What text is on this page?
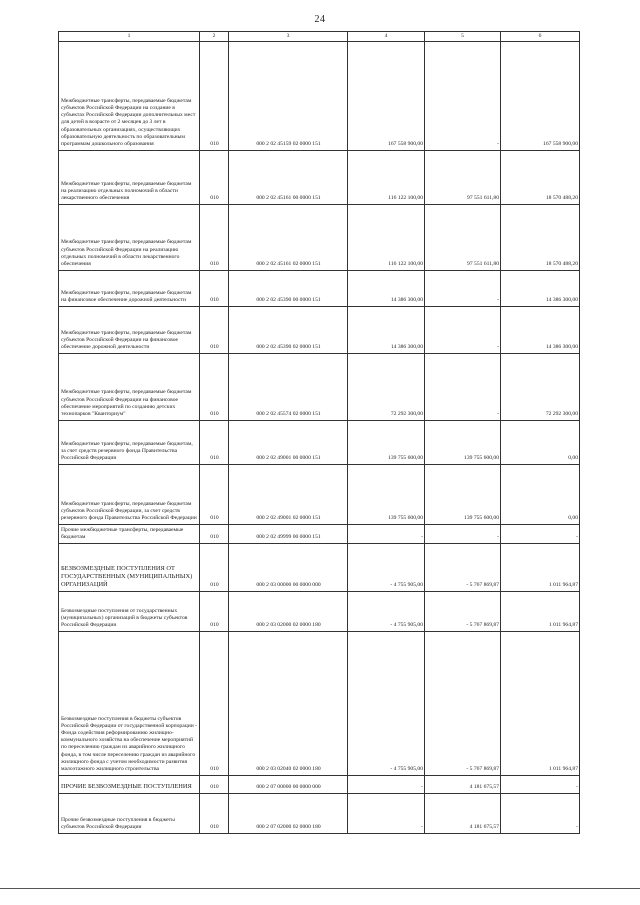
24
1	2	3	4	5	6
Межбюджетные трансферты, передаваемые бюджетам субъектов Российской Федерации на создание в субъектах Российской Федерации дополнительных мест для детей в возрасте от 2 месяцев до 3 лет в образовательных организациях, осуществляющих образовательную деятельность по образовательным программам дошкольного образования	010	000 2 02 45159 02 0000 151	167 558 900,00	-	167 558 900,00
Межбюджетные трансферты, передаваемые бюджетам на реализацию отдельных полномочий в области лекарственного обеспечения	010	000 2 02 45161 00 0000 151	116 122 100,00	97 551 611,80	18 570 488,20
Межбюджетные трансферты, передаваемые бюджетам субъектов Российской Федерации на реализацию отдельных полномочий в области лекарственного обеспечения	010	000 2 02 45161 02 0000 151	116 122 100,00	97 551 611,80	18 570 488,20
Межбюджетные трансферты, передаваемые бюджетам на финансовое обеспечение дорожной деятельности	010	000 2 02 45390 00 0000 151	14 386 300,00	-	14 386 300,00
Межбюджетные трансферты, передаваемые бюджетам субъектов Российской Федерации на финансовое обеспечение дорожной деятельности	010	000 2 02 45390 02 0000 151	14 386 300,00	-	14 386 300,00
Межбюджетные трансферты, передаваемые бюджетам субъектов Российской Федерации на финансовое обеспечение мероприятий по созданию детских технопарков "Кванториум"	010	000 2 02 45574 02 0000 151	72 292 300,00	-	72 292 300,00
Межбюджетные трансферты, передаваемые бюджетам, за счет средств резервного фонда Правительства Российской Федерации	010	000 2 02 49001 00 0000 151	139 755 600,00	139 755 600,00	0,00
Межбюджетные трансферты, передаваемые бюджетам субъектов Российской Федерации, за счет средств резервного фонда Правительства Российской Федерации	010	000 2 02 49001 02 0000 151	139 755 600,00	139 755 600,00	0,00
Прочие межбюджетные трансферты, передаваемые бюджетам	010	000 2 02 49999 00 0000 151	-	-	-
БЕЗВОЗМЕЗДНЫЕ ПОСТУПЛЕНИЯ ОТ ГОСУДАРСТВЕННЫХ (МУНИЦИПАЛЬНЫХ) ОРГАНИЗАЦИЙ	010	000 2 03 00000 00 0000 000	- 4 755 905,00	- 5 767 869,87	1 011 964,87
Безвозмездные поступления от государственных (муниципальных) организаций в бюджеты субъектов Российской Федерации	010	000 2 03 02000 02 0000 180	- 4 755 905,00	- 5 767 869,87	1 011 964,87
Безвозмездные поступления в бюджеты субъектов Российской Федерации от государственной корпорации - Фонда содействия реформированию жилищно-коммунального хозяйства на обеспечение мероприятий по переселению граждан из аварийного жилищного фонда, в том числе переселению граждан из аварийного жилищного фонда с учетом необходимости развития малоэтажного жилищного строительства	010	000 2 03 02040 02 0000 180	- 4 755 905,00	- 5 767 869,87	1 011 964,87
ПРОЧИЕ БЕЗВОЗМЕЗДНЫЕ ПОСТУПЛЕНИЯ	010	000 2 07 00000 00 0000 000	-	4 181 675,57	-
Прочие безвозмездные поступления в бюджеты субъектов Российской Федерации	010	000 2 07 02000 02 0000 180	-	4 181 675,57	-
